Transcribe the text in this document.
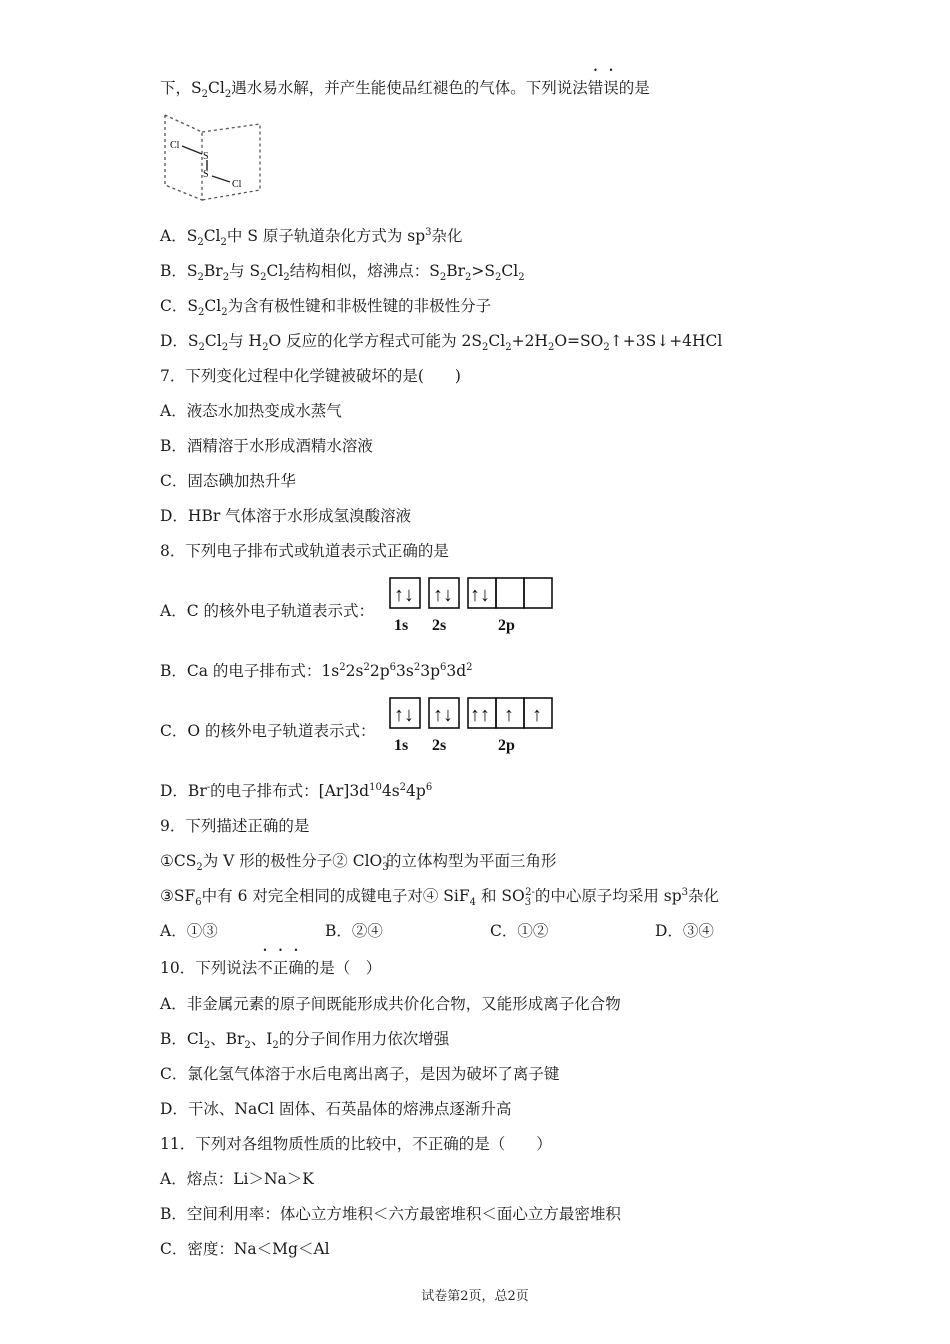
下，$S_2Cl_2$遇水易水解，并产生能使品红褪色的气体。下列说法错误的是
Cl
S
S
Cl
A．$S_2Cl_2$中 S 原子轨道杂化方式为 $sp^3$杂化
B．$S_2Br_2$与 $S_2Cl_2$结构相似，熔沸点：$S_2Br_2>S_2Cl_2$
C．$S_2Cl_2$为含有极性键和非极性键的非极性分子
D．$S_2Cl_2$与 $H_2O$ 反应的化学方程式可能为 $2S_2Cl_2+2H_2O=SO_2↑+3S↓+4HCl$
7．下列变化过程中化学键被破坏的是(　　)
A．液态水加热变成水蒸气
B．酒精溶于水形成酒精水溶液
C．固态碘加热升华
D．HBr 气体溶于水形成氢溴酸溶液
8．下列电子排布式或轨道表示式正确的是
A．C 的核外电子轨道表示式：
↑↓ ↑↓ ↑↓
1s 2s	2p
B．Ca 的电子排布式：$1s^22s^22p^63s^23p^63d^2$
C．O 的核外电子轨道表示式：
↑↓ ↑↓ ↑↑ ↑ ↑
1s 2s	2p
D．Br-的电子排布式：$[Ar]3d^{10}4s^24p^6$
9．下列描述正确的是
$①CS_2$为 V 形的极性分子② ClO$_3$-的立体构型为平面三角形
$③SF_6$中有 6 对完全相同的成键电子对④ SiF$_4$ 和 $SO_3^{2-}$的中心原子均采用 $sp^3$杂化
A．①③	B．②④	C．①②	D．③④
10．下列说法不正确的是（　）
A．非金属元素的原子间既能形成共价化合物，又能形成离子化合物
B．$Cl_2$、$Br_2$、$I_2$的分子间作用力依次增强
C．氯化氢气体溶于水后电离出离子，是因为破坏了离子键
D．干冰、NaCl 固体、石英晶体的熔沸点逐渐升高
11．下列对各组物质性质的比较中，不正确的是（　　）
A．熔点：Li＞Na＞K
B．空间利用率：体心立方堆积＜六方最密堆积＜面心立方最密堆积
C．密度：Na＜Mg＜Al
试卷第2页，总2页
